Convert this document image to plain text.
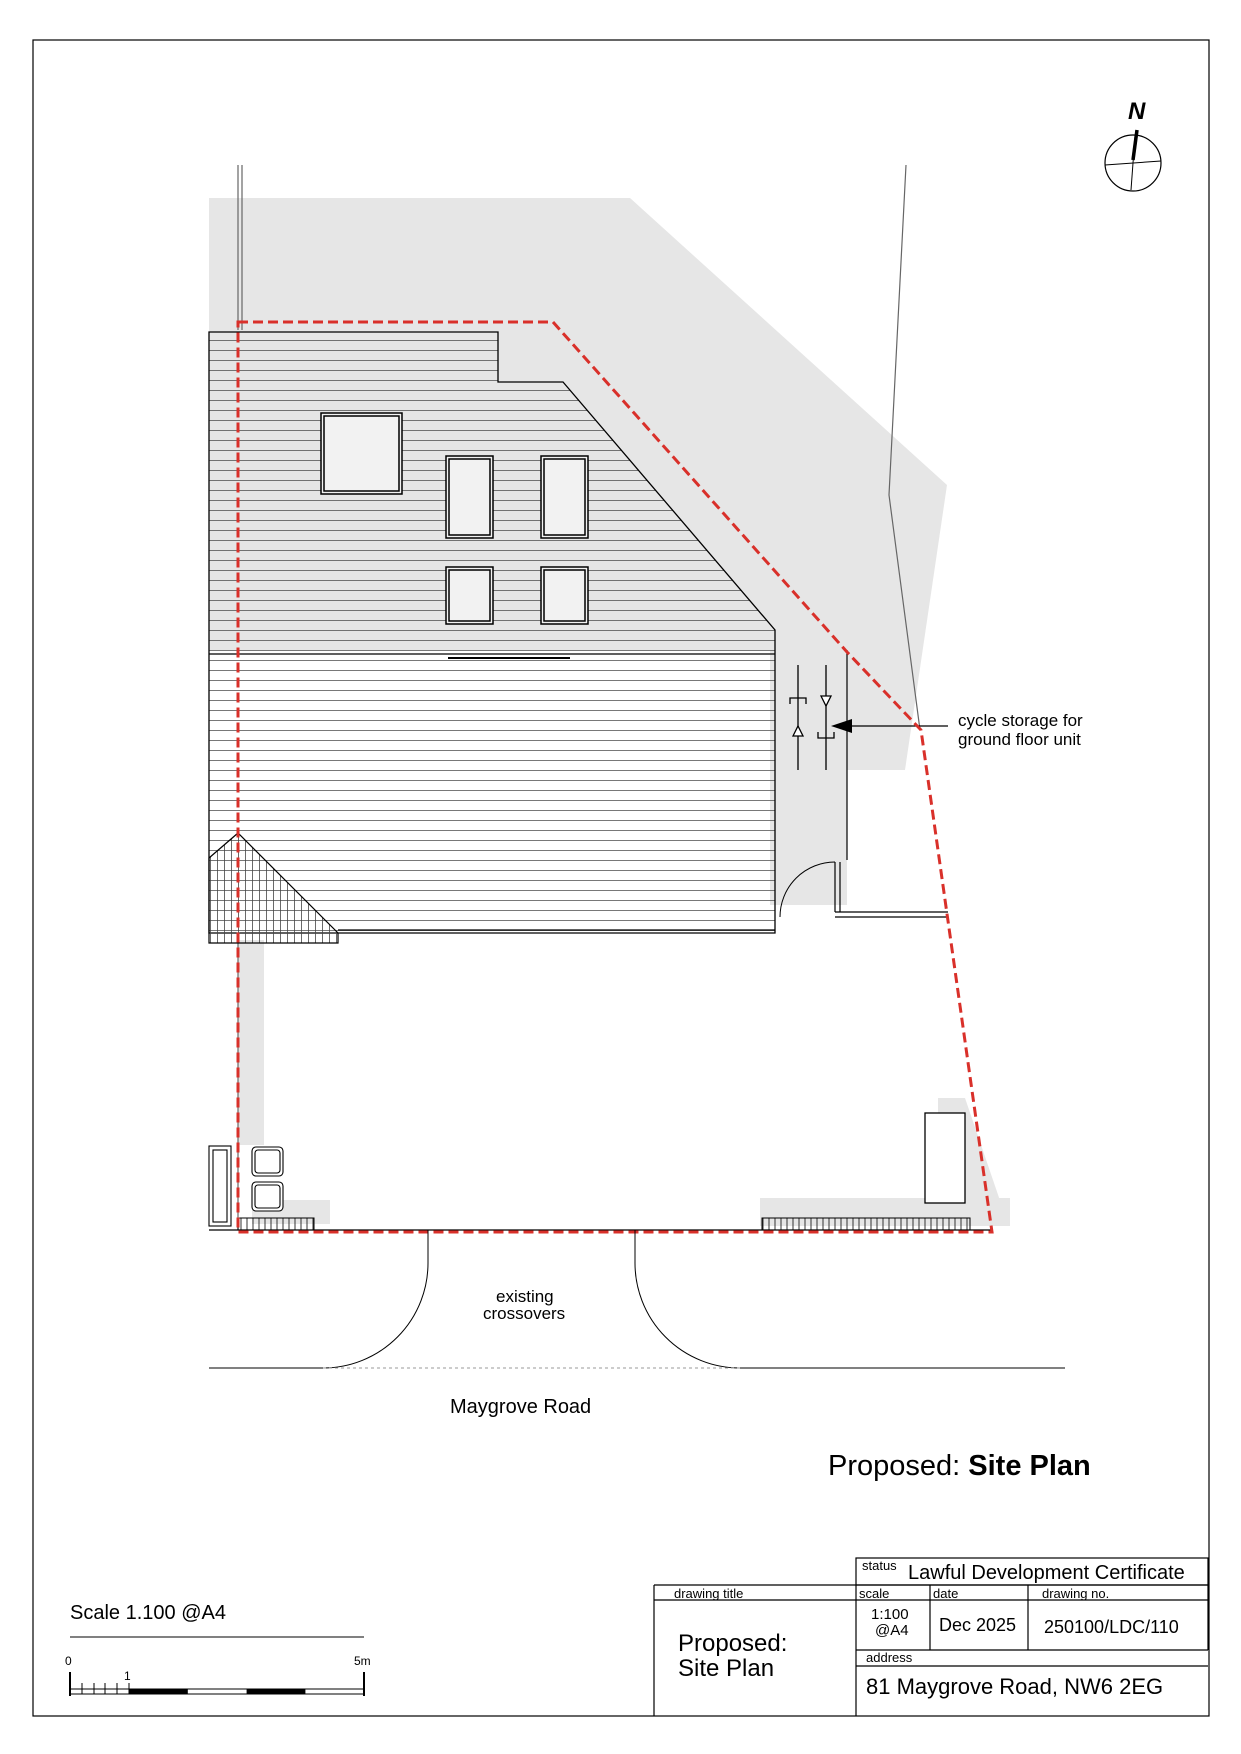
N
cycle storage for
ground floor unit
existing
crossovers
Maygrove Road
Proposed: Site Plan
Scale 1.100 @A4
0
1
5m
status Lawful Development Certificate
drawing title
Proposed:
Site Plan
scale
1:100
@A4
date
Dec 2025
drawing no.
250100/LDC/110
address
81 Maygrove Road, NW6 2EG
